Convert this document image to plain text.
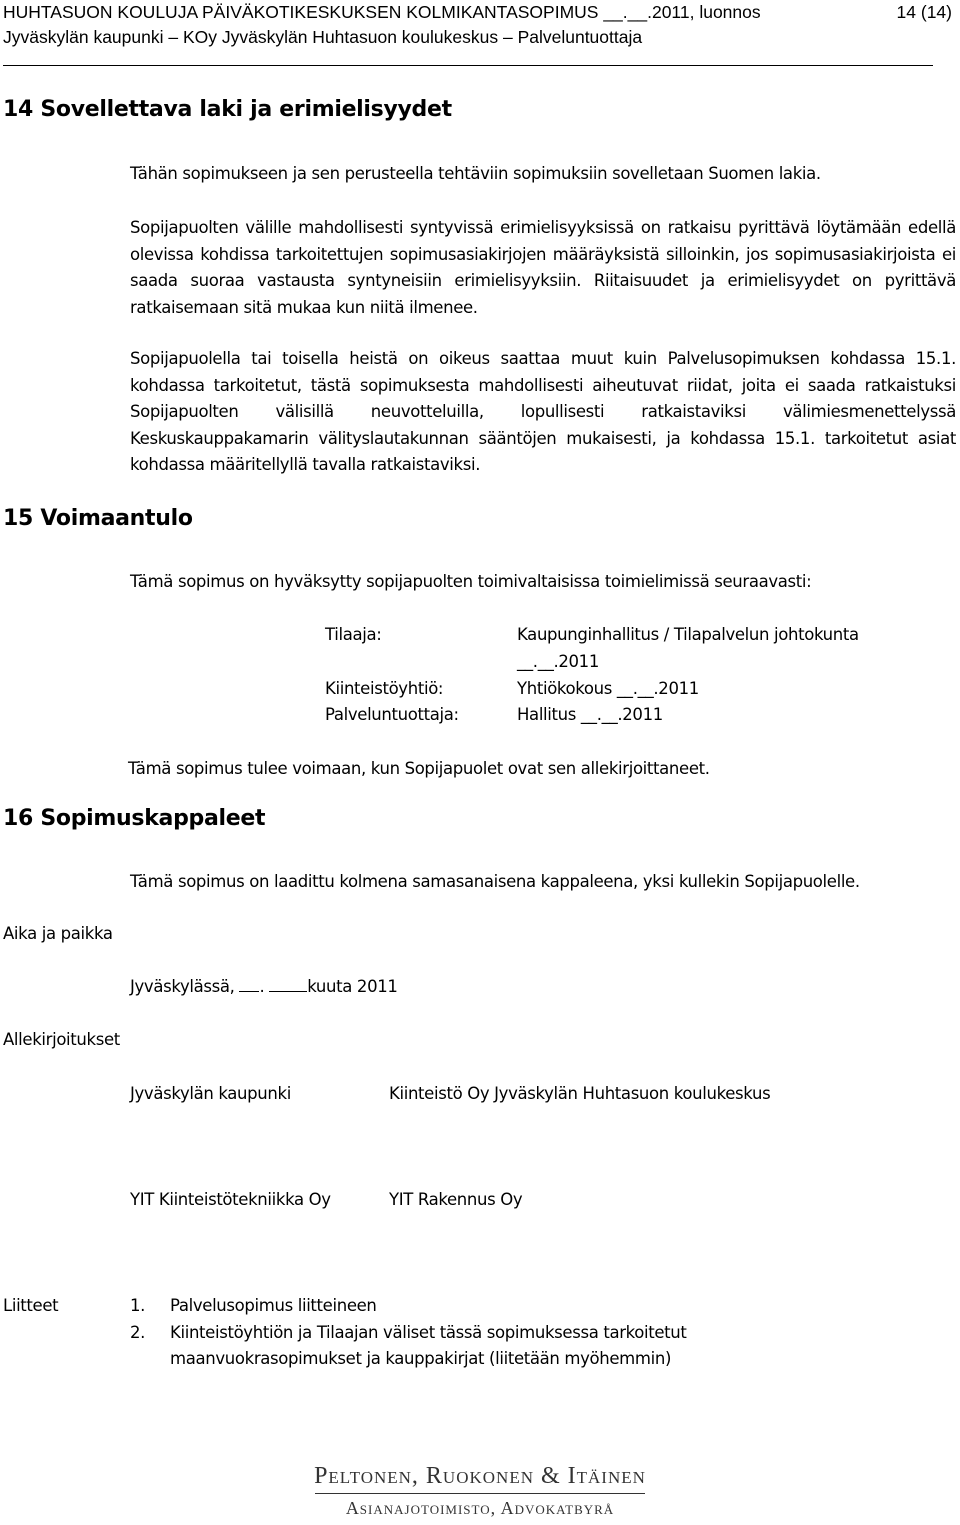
HUHTASUON KOULUJA PÄIVÄKOTIKESKUKSEN KOLMIKANTASOPIMUS __.__.2011, luonnos	14 (14)
Jyväskylän kaupunki – KOy Jyväskylän Huhtasuon koulukeskus – Palveluntuottaja
14 Sovellettava laki ja erimielisyydet
Tähän sopimukseen ja sen perusteella tehtäviin sopimuksiin sovelletaan Suomen lakia.
Sopijapuolten välille mahdollisesti syntyvissä erimielisyyksissä on ratkaisu pyrittävä löytämään edellä olevissa kohdissa tarkoitettujen sopimusasiakirjojen määräyksistä silloinkin, jos sopimusasiakirjoista ei saada suoraa vastausta syntyneisiin erimielisyyksiin. Riitaisuudet ja erimielisyydet on pyrittävä ratkaisemaan sitä mukaa kun niitä ilmenee.
Sopijapuolella tai toisella heistä on oikeus saattaa muut kuin Palvelusopimuksen kohdassa 15.1. kohdassa tarkoitetut, tästä sopimuksesta mahdollisesti aiheutuvat riidat, joita ei saada ratkaistuksi Sopijapuolten välisillä neuvotteluilla, lopullisesti ratkaistaviksi välimiesmenettelyssä Keskuskauppakamarin välityslautakunnan sääntöjen mukaisesti, ja kohdassa 15.1. tarkoitetut asiat kohdassa määritellyllä tavalla ratkaistaviksi.
15 Voimaantulo
Tämä sopimus on hyväksytty sopijapuolten toimivaltaisissa toimielimissä seuraavasti:
Tilaaja:	Kaupunginhallitus / Tilapalvelun johtokunta
__.__.2011
Kiinteistöyhtiö:	Yhtiökokous __.__.2011
Palveluntuottaja:	Hallitus __.__.2011
Tämä sopimus tulee voimaan, kun Sopijapuolet ovat sen allekirjoittaneet.
16 Sopimuskappaleet
Tämä sopimus on laadittu kolmena samasanaisena kappaleena, yksi kullekin Sopijapuolelle.
Aika ja paikka
Jyväskylässä, . kuuta 2011
Allekirjoitukset
Jyväskylän kaupunki	Kiinteistö Oy Jyväskylän Huhtasuon koulukeskus
YIT Kiinteistötekniikka Oy	YIT Rakennus Oy
Liitteet	1.	Palvelusopimus liitteineen
2.	Kiinteistöyhtiön ja Tilaajan väliset tässä sopimuksessa tarkoitetut
maanvuokrasopimukset ja kauppakirjat (liitetään myöhemmin)
Peltonen, Ruokonen & Itäinen
Asianajotoimisto, Advokatbyrå
